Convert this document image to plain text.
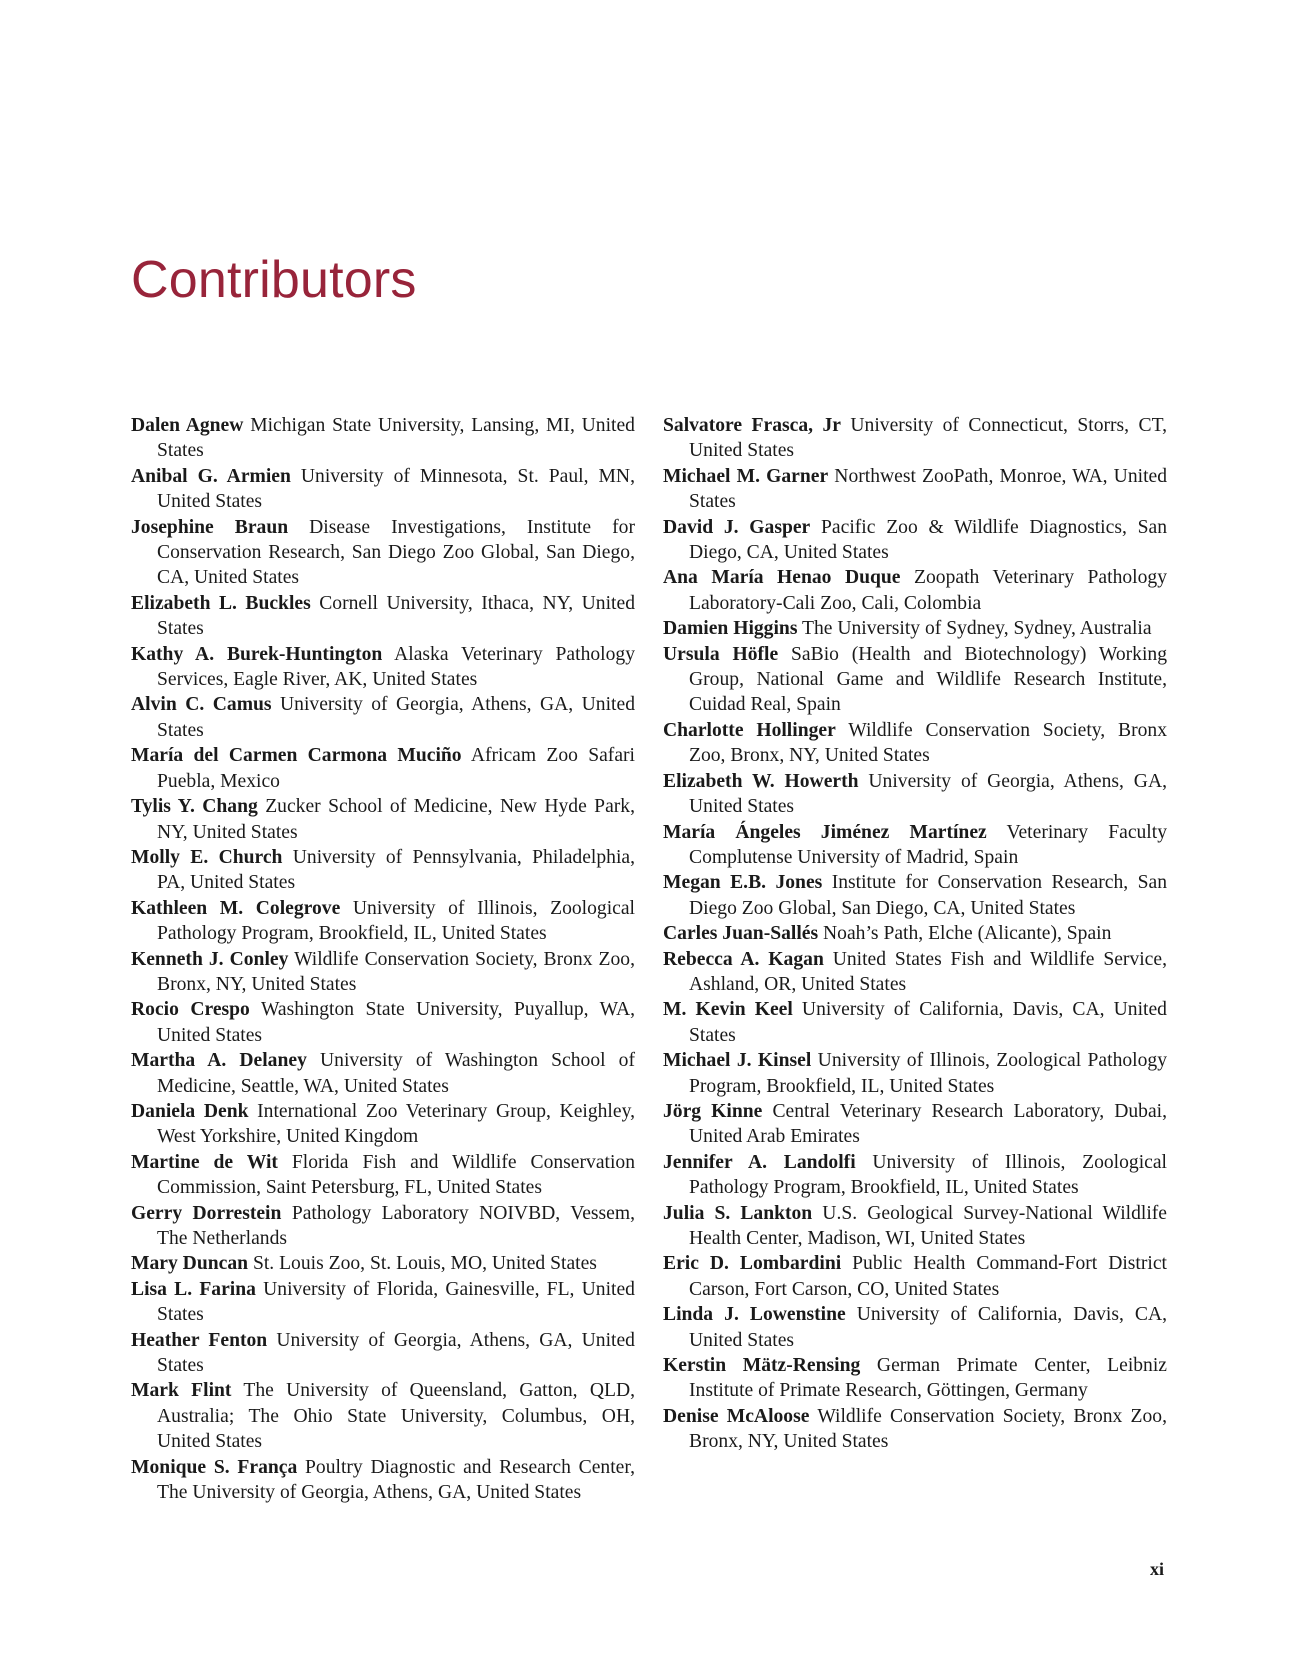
Contributors

Dalen Agnew Michigan State University, Lansing, MI, United States

Anibal G. Armien University of Minnesota, St. Paul, MN, United States

Josephine Braun Disease Investigations, Institute for Conservation Research, San Diego Zoo Global, San Diego, CA, United States

Elizabeth L. Buckles Cornell University, Ithaca, NY, United States

Kathy A. Burek-Huntington Alaska Veterinary Pathology Services, Eagle River, AK, United States

Alvin C. Camus University of Georgia, Athens, GA, United States

María del Carmen Carmona Muciño Africam Zoo Safari Puebla, Mexico

Tylis Y. Chang Zucker School of Medicine, New Hyde Park, NY, United States

Molly E. Church University of Pennsylvania, Philadelphia, PA, United States

Kathleen M. Colegrove University of Illinois, Zoological Pathology Program, Brookfield, IL, United States

Kenneth J. Conley Wildlife Conservation Society, Bronx Zoo, Bronx, NY, United States

Rocio Crespo Washington State University, Puyallup, WA, United States

Martha A. Delaney University of Washington School of Medicine, Seattle, WA, United States

Daniela Denk International Zoo Veterinary Group, Keighley, West Yorkshire, United Kingdom

Martine de Wit Florida Fish and Wildlife Conservation Commission, Saint Petersburg, FL, United States

Gerry Dorrestein Pathology Laboratory NOIVBD, Vessem, The Netherlands

Mary Duncan St. Louis Zoo, St. Louis, MO, United States

Lisa L. Farina University of Florida, Gainesville, FL, United States

Heather Fenton University of Georgia, Athens, GA, United States

Mark Flint The University of Queensland, Gatton, QLD, Australia; The Ohio State University, Columbus, OH, United States

Monique S. França Poultry Diagnostic and Research Center, The University of Georgia, Athens, GA, United States

Salvatore Frasca, Jr University of Connecticut, Storrs, CT, United States

Michael M. Garner Northwest ZooPath, Monroe, WA, United States

David J. Gasper Pacific Zoo & Wildlife Diagnostics, San Diego, CA, United States

Ana María Henao Duque Zoopath Veterinary Pathology Laboratory-Cali Zoo, Cali, Colombia

Damien Higgins The University of Sydney, Sydney, Australia

Ursula Höfle SaBio (Health and Biotechnology) Working Group, National Game and Wildlife Research Institute, Cuidad Real, Spain

Charlotte Hollinger Wildlife Conservation Society, Bronx Zoo, Bronx, NY, United States

Elizabeth W. Howerth University of Georgia, Athens, GA, United States

María Ángeles Jiménez Martínez Veterinary Faculty Complutense University of Madrid, Spain

Megan E.B. Jones Institute for Conservation Research, San Diego Zoo Global, San Diego, CA, United States

Carles Juan-Sallés Noah’s Path, Elche (Alicante), Spain

Rebecca A. Kagan United States Fish and Wildlife Service, Ashland, OR, United States

M. Kevin Keel University of California, Davis, CA, United States

Michael J. Kinsel University of Illinois, Zoological Pathology Program, Brookfield, IL, United States

Jörg Kinne Central Veterinary Research Laboratory, Dubai, United Arab Emirates

Jennifer A. Landolfi University of Illinois, Zoological Pathology Program, Brookfield, IL, United States

Julia S. Lankton U.S. Geological Survey-National Wildlife Health Center, Madison, WI, United States

Eric D. Lombardini Public Health Command-Fort District Carson, Fort Carson, CO, United States

Linda J. Lowenstine University of California, Davis, CA, United States

Kerstin Mätz-Rensing German Primate Center, Leibniz Institute of Primate Research, Göttingen, Germany

Denise McAloose Wildlife Conservation Society, Bronx Zoo, Bronx, NY, United States

xi
